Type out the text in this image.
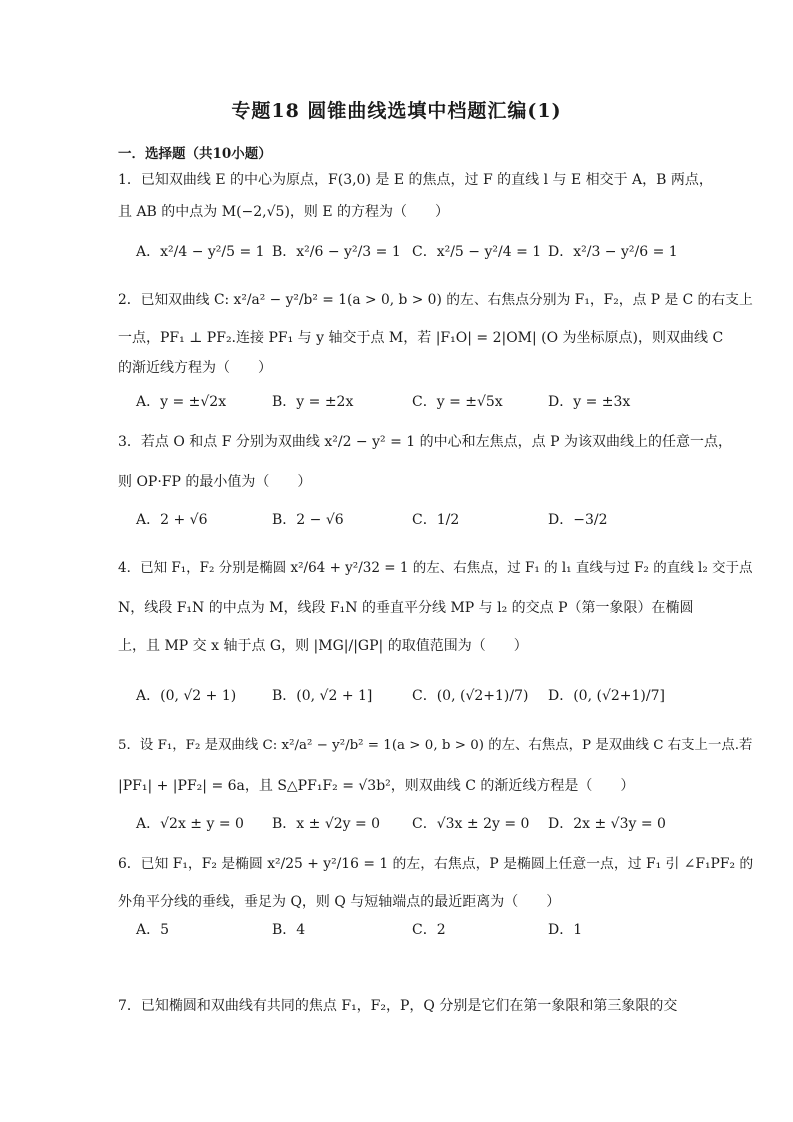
专题18 圆锥曲线选填中档题汇编(1)
一．选择题（共10小题）
1．已知双曲线 E 的中心为原点，F(3,0) 是 E 的焦点，过 F 的直线 l 与 E 相交于 A，B 两点，
且 AB 的中点为 M(−2,√5)，则 E 的方程为（　　）
A．x²/4 − y²/5 = 1 B．x²/6 − y²/3 = 1 C．x²/5 − y²/4 = 1 D．x²/3 − y²/6 = 1
2．已知双曲线 C: x²/a² − y²/b² = 1(a > 0, b > 0) 的左、右焦点分别为 F₁，F₂，点 P 是 C 的右支上
一点，PF₁ ⊥ PF₂.连接 PF₁ 与 y 轴交于点 M，若 |F₁O| = 2|OM| (O 为坐标原点)，则双曲线 C
的渐近线方程为（　　）
A．y = ±√2x	B．y = ±2x	C．y = ±√5x	D．y = ±3x
3．若点 O 和点 F 分别为双曲线 x²/2 − y² = 1 的中心和左焦点，点 P 为该双曲线上的任意一点，
则 OP·FP 的最小值为（　　）
A．2 + √6	B．2 − √6	C．1/2	D．−3/2
4．已知 F₁，F₂ 分别是椭圆 x²/64 + y²/32 = 1 的左、右焦点，过 F₁ 的 l₁ 直线与过 F₂ 的直线 l₂ 交于点
N，线段 F₁N 的中点为 M，线段 F₁N 的垂直平分线 MP 与 l₂ 的交点 P（第一象限）在椭圆
上，且 MP 交 x 轴于点 G，则 |MG|/|GP| 的取值范围为（　　）
A．(0, √2 + 1)	B．(0, √2 + 1]	C．(0, (√2+1)/7) D．(0, (√2+1)/7]
5．设 F₁，F₂ 是双曲线 C: x²/a² − y²/b² = 1(a > 0, b > 0) 的左、右焦点，P 是双曲线 C 右支上一点.若
|PF₁| + |PF₂| = 6a，且 S△PF₁F₂ = √3b²，则双曲线 C 的渐近线方程是（　　）
A．√2x ± y = 0 B．x ± √2y = 0 C．√3x ± 2y = 0 D．2x ± √3y = 0
6．已知 F₁，F₂ 是椭圆 x²/25 + y²/16 = 1 的左，右焦点，P 是椭圆上任意一点，过 F₁ 引 ∠F₁PF₂ 的
外角平分线的垂线，垂足为 Q，则 Q 与短轴端点的最近距离为（　　）
A．5	B．4	C．2	D．1
7．已知椭圆和双曲线有共同的焦点 F₁，F₂，P，Q 分别是它们在第一象限和第三象限的交
